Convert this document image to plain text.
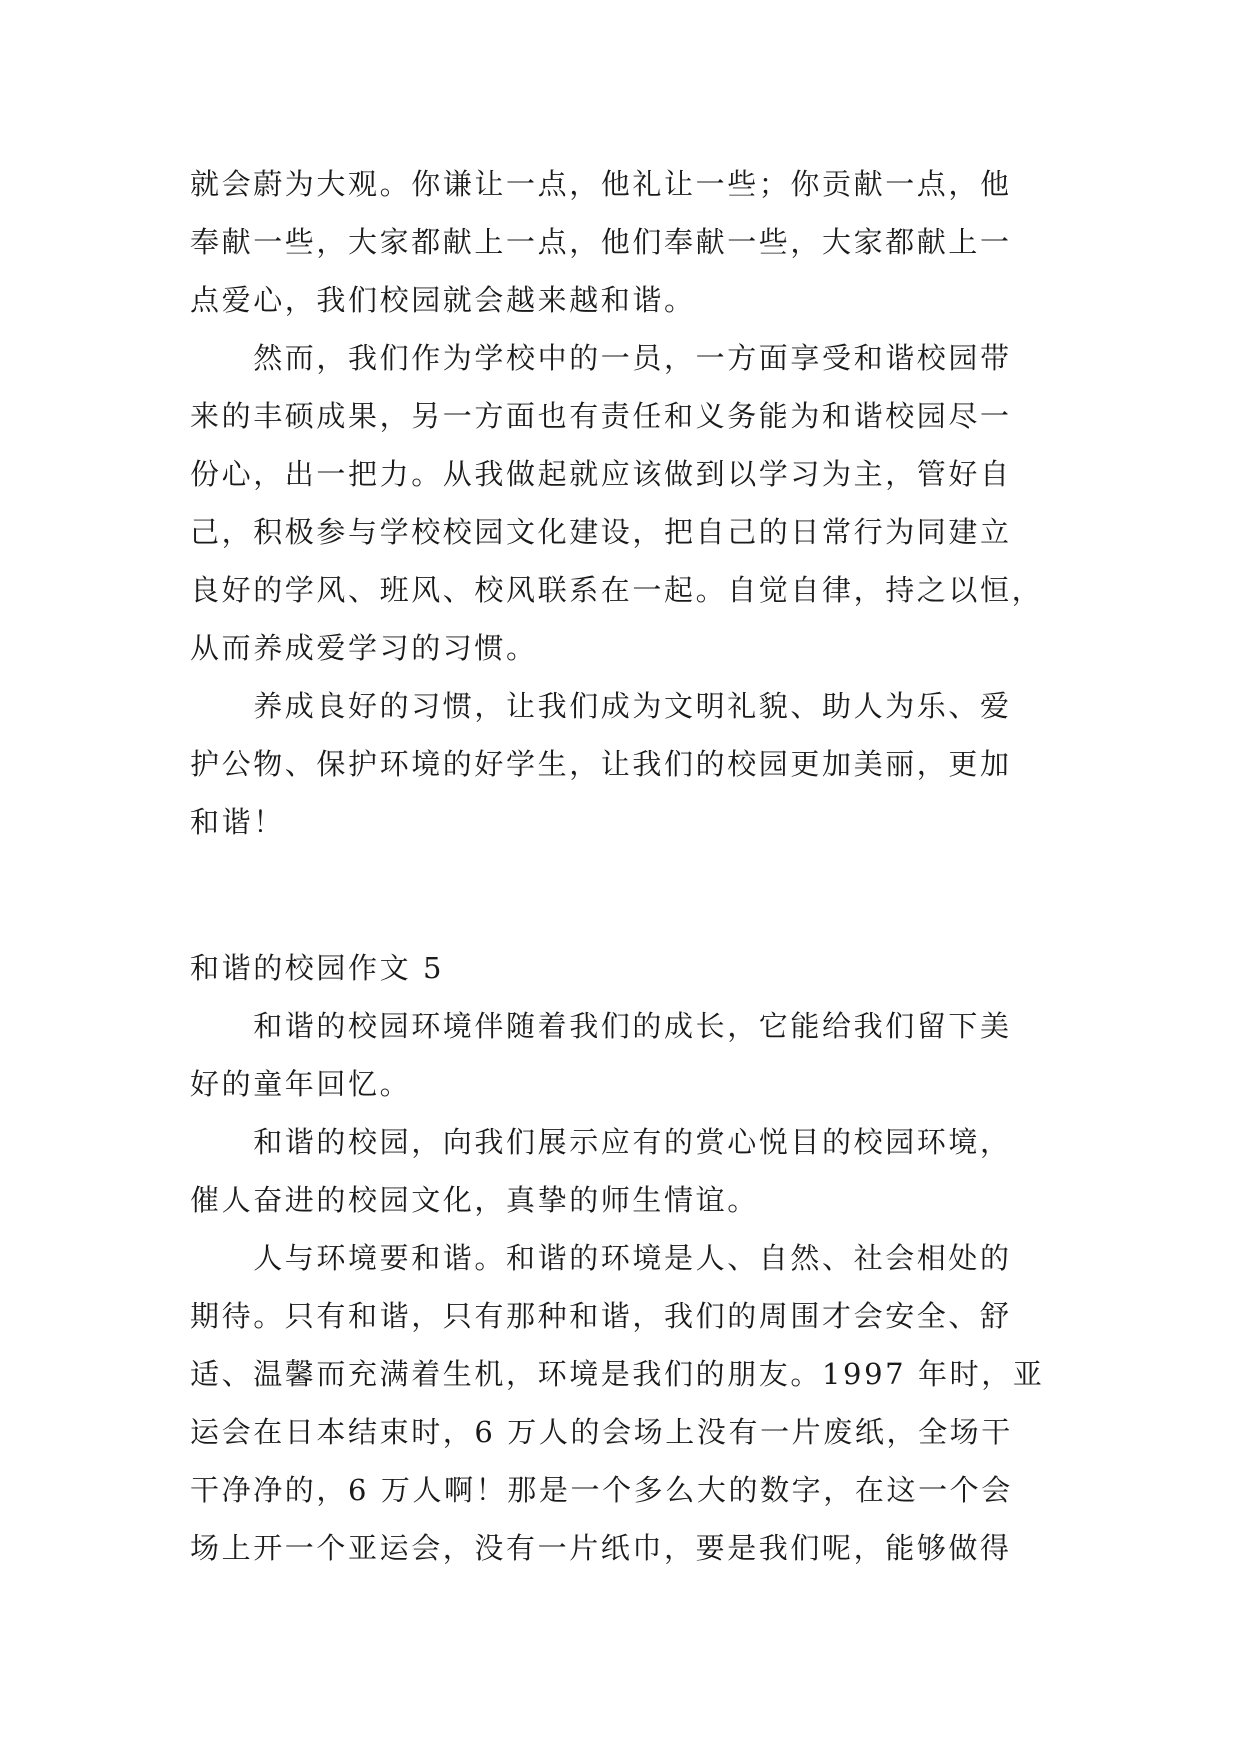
就会蔚为大观。你谦让一点，他礼让一些；你贡献一点，他
奉献一些，大家都献上一点，他们奉献一些，大家都献上一
点爱心，我们校园就会越来越和谐。
　　然而，我们作为学校中的一员，一方面享受和谐校园带
来的丰硕成果，另一方面也有责任和义务能为和谐校园尽一
份心，出一把力。从我做起就应该做到以学习为主，管好自
己，积极参与学校校园文化建设，把自己的日常行为同建立
良好的学风、班风、校风联系在一起。自觉自律，持之以恒，
从而养成爱学习的习惯。
　　养成良好的习惯，让我们成为文明礼貌、助人为乐、爱
护公物、保护环境的好学生，让我们的校园更加美丽，更加
和谐！
和谐的校园作文 5
　　和谐的校园环境伴随着我们的成长，它能给我们留下美
好的童年回忆。
　　和谐的校园，向我们展示应有的赏心悦目的校园环境，
催人奋进的校园文化，真挚的师生情谊。
　　人与环境要和谐。和谐的环境是人、自然、社会相处的
期待。只有和谐，只有那种和谐，我们的周围才会安全、舒
适、温馨而充满着生机，环境是我们的朋友。1997 年时，亚
运会在日本结束时，6 万人的会场上没有一片废纸，全场干
干净净的，6 万人啊！那是一个多么大的数字，在这一个会
场上开一个亚运会，没有一片纸巾，要是我们呢，能够做得
